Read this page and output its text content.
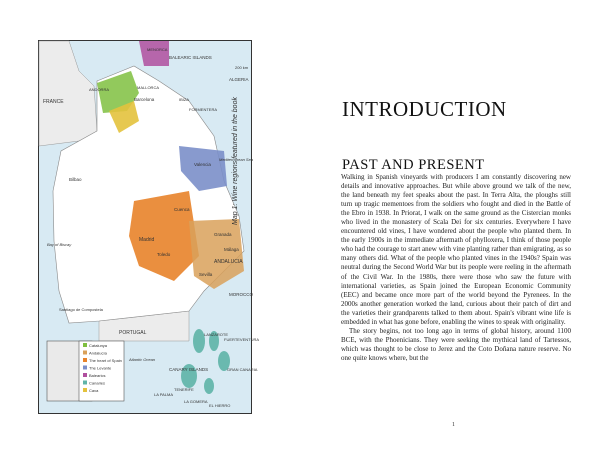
Catalunya
Andalucía
The heart of Spain
The Levante
Balearics
Canaries
Cava
FRANCE
ANDORRA
PORTUGAL
BALEARIC ISLANDS
MENORCA
MALLORCA
IBIZA
FORMENTERA
Madrid
Barcelona
Valencia
Sevilla
Málaga
Granada
Toledo
Cuenca
Bilbao
Santiago de Compostela
ANDALUCIA
ALGERIA
MOROCCO
Mediterranean Sea
Atlantic Ocean
Bay of Biscay
CANARY ISLANDS
FUERTEVENTURA
LANZAROTE
GRAN CANARIA
TENERIFE
LA PALMA
LA GOMERA
EL HIERRO
200 km
Map 1: Wine regions featured in the book	INTRODUCTION
PAST AND PRESENT

Walking in Spanish vineyards with producers I am constantly discovering new details and innovative approaches. But while above ground we talk of the new, the land beneath my feet speaks about the past. In Terra Alta, the ploughs still turn up tragic mementoes from the soldiers who fought and died in the Battle of the Ebro in 1938. In Priorat, I walk on the same ground as the Cistercian monks who lived in the monastery of Scala Dei for six centuries. Everywhere I have encountered old vines, I have wondered about the people who planted them. In the early 1900s in the immediate aftermath of phylloxera, I think of those people who had the courage to start anew with vine planting rather than emigrating, as so many others did. What of the people who planted vines in the 1940s? Spain was neutral during the Second World War but its people were reeling in the aftermath of the Civil War. In the 1980s, there were those who saw the future with international varieties, as Spain joined the European Economic Community (EEC) and became once more part of the world beyond the Pyrenees. In the 2000s another generation worked the land, curious about their patch of dirt and the varieties their grandparents talked to them about. Spain's vibrant wine life is embedded in what has gone before, enabling the wines to speak with originality.

The story begins, not too long ago in terms of global history, around 1100 BCE, with the Phoenicians. They were seeking the mythical land of Tartessos, which was thought to be close to Jerez and the Coto Doñana nature reserve. No one quite knows where, but the

1
